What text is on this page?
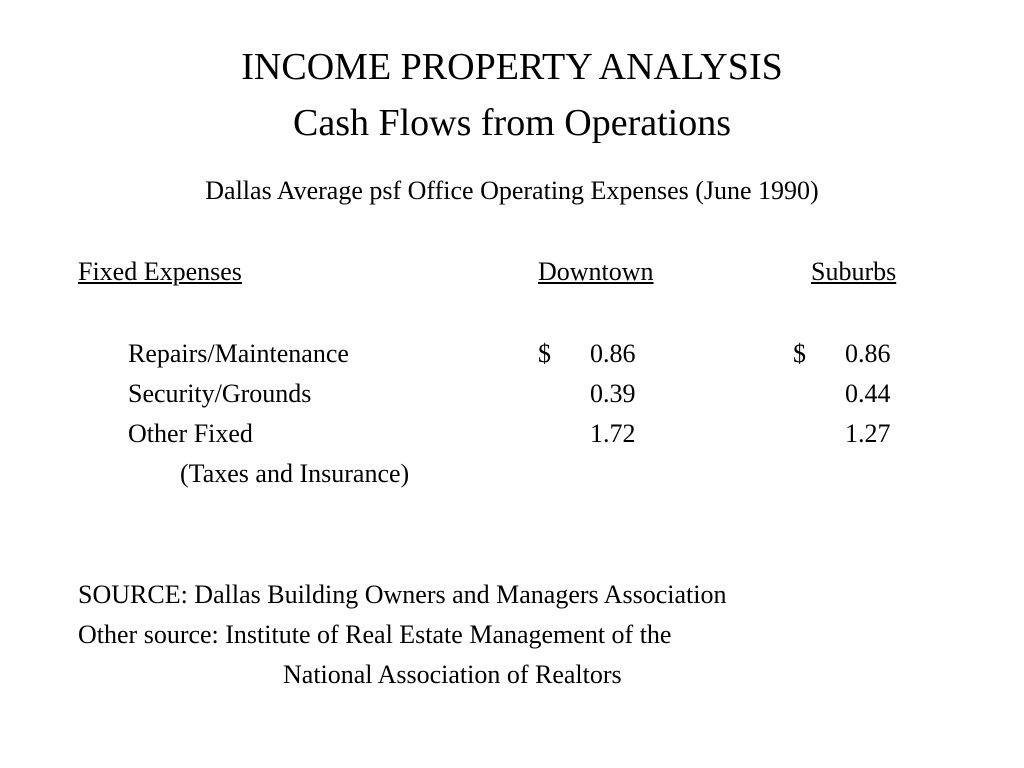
INCOME PROPERTY ANALYSIS
Cash Flows from Operations
Dallas Average psf Office Operating Expenses (June 1990)
Fixed Expenses	Downtown	Suburbs
Repairs/Maintenance	$ 0.86	$ 0.86
Security/Grounds	0.39	0.44
Other Fixed	1.72	1.27
(Taxes and Insurance)
SOURCE: Dallas Building Owners and Managers Association
Other source: Institute of Real Estate Management of the
National Association of Realtors
